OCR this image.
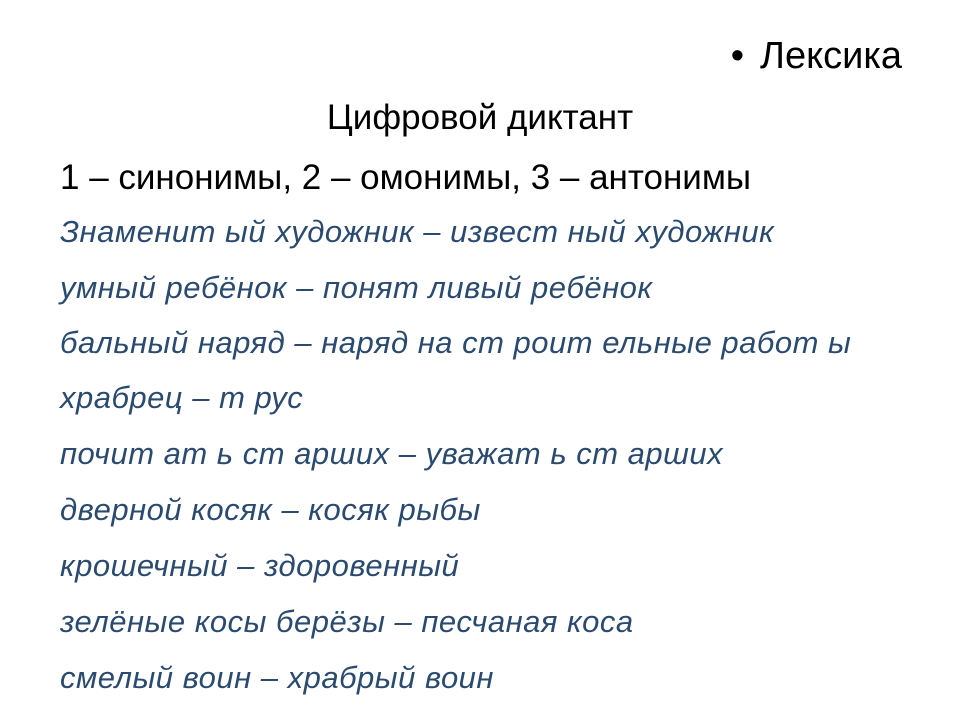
• Лексика
Цифровой диктант
1 – синонимы, 2 – омонимы, 3 – антонимы
Знаменит ый художник – извест ный художник
умный ребёнок – понят ливый ребёнок
бальный наряд – наряд на ст роит ельные работ ы
храбрец – т рус
почит ат ь ст арших – уважат ь ст арших
дверной косяк – косяк рыбы
крошечный – здоровенный
зелёные косы берёзы – песчаная коса
смелый воин – храбрый воин
